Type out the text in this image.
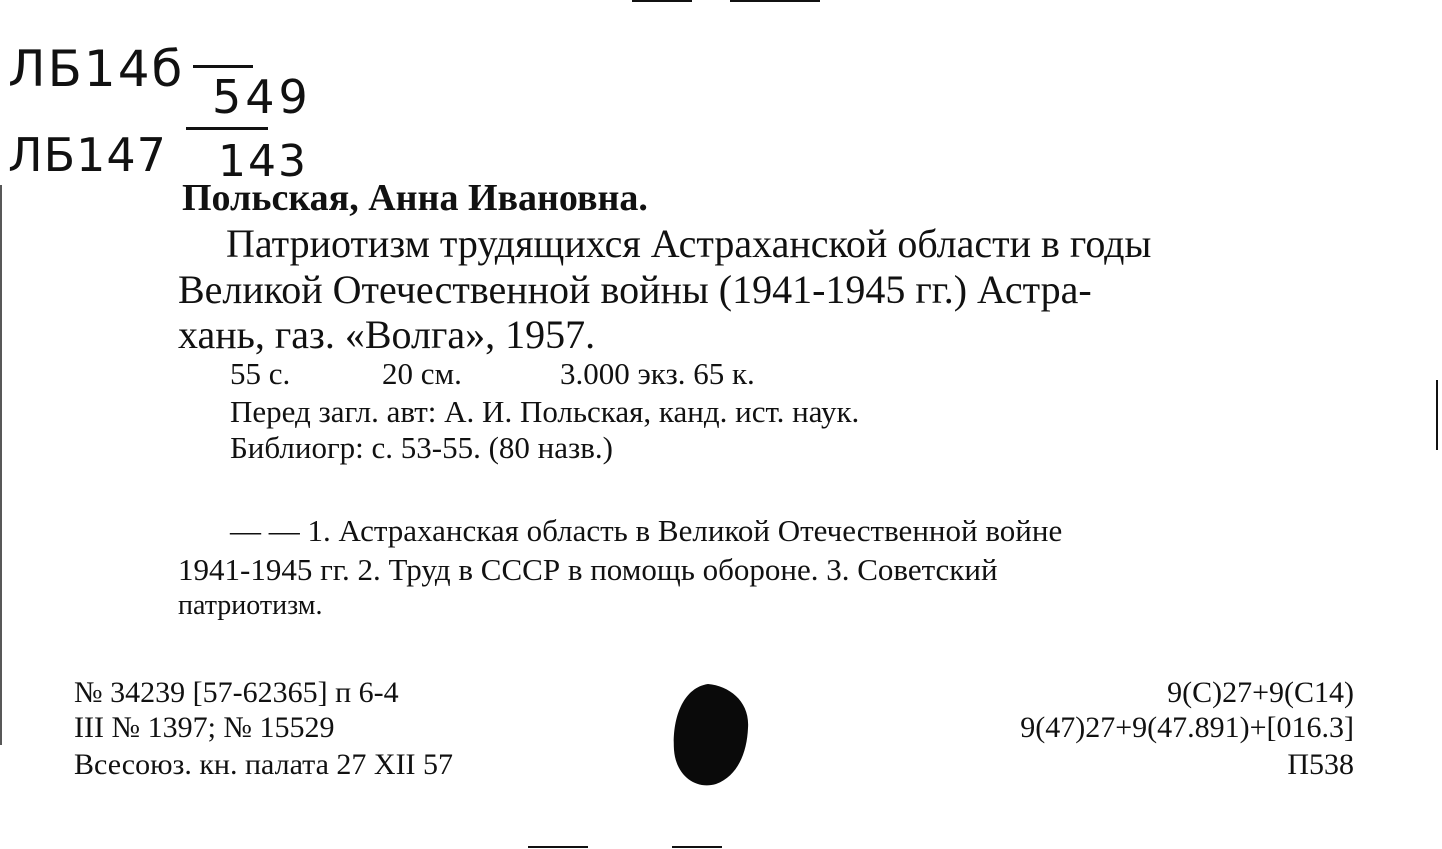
ЛБ14б 549
ЛБ147 143
Польская, Анна Ивановна.
Патриотизм трудящихся Астраханской области в годы
Великой Отечественной войны (1941-1945 гг.) Астра-
хань, газ. «Волга», 1957.
55 с.	20 см.	3.000 экз. 65 к.
Перед загл. авт: А. И. Польская, канд. ист. наук.
Библиогр: с. 53-55. (80 назв.)
— — 1. Астраханская область в Великой Отечественной войне
1941-1945 гг. 2. Труд в СССР в помощь обороне. 3. Советский
патриотизм.
№ 34239 [57-62365] п 6-4
III № 1397; № 15529
Всесоюз. кн. палата 27 XII 57
9(С)27+9(С14)
9(47)27+9(47.891)+[016.3]
П538
